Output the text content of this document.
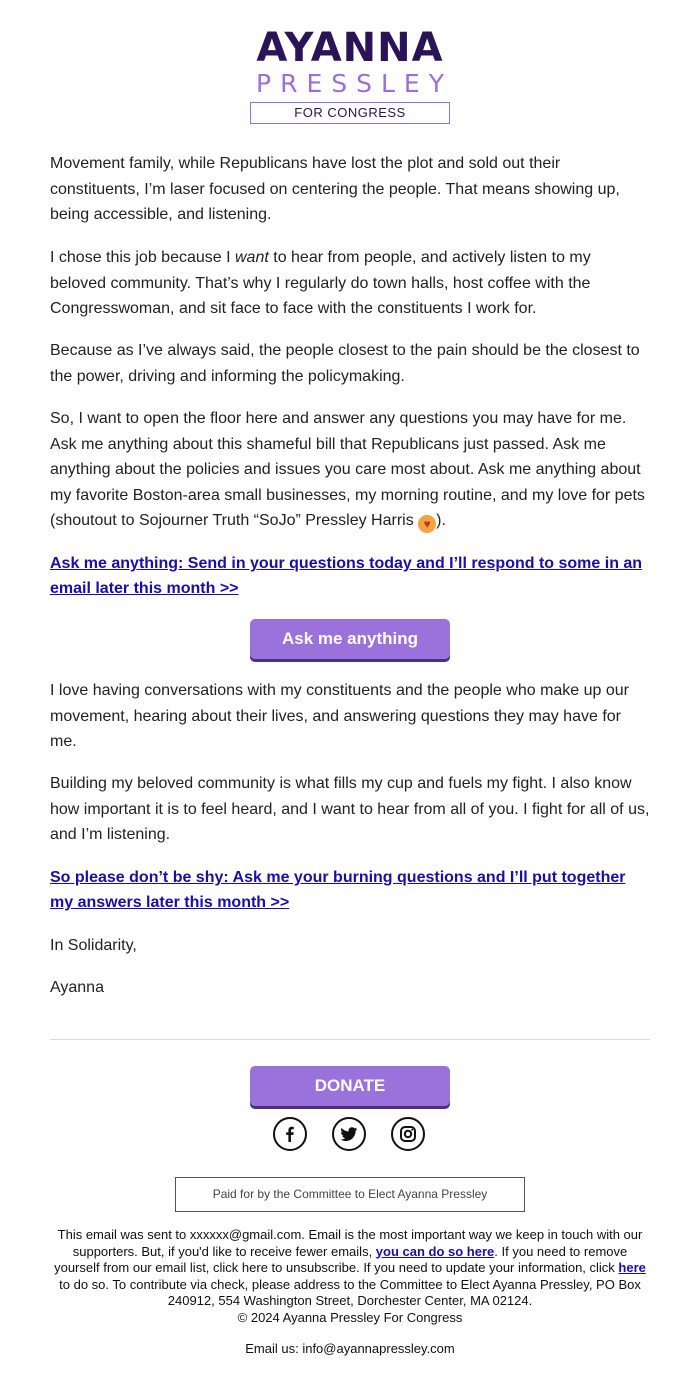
AYANNA
PRESSLEY
FOR CONGRESS

Movement family, while Republicans have lost the plot and sold out their constituents, I’m laser focused on centering the people. That means showing up, being accessible, and listening.

I chose this job because I want to hear from people, and actively listen to my beloved community. That’s why I regularly do town halls, host coffee with the Congresswoman, and sit face to face with the constituents I work for.

Because as I’ve always said, the people closest to the pain should be the closest to the power, driving and informing the policymaking.

So, I want to open the floor here and answer any questions you may have for me. Ask me anything about this shameful bill that Republicans just passed. Ask me anything about the policies and issues you care most about. Ask me anything about my favorite Boston-area small businesses, my morning routine, and my love for pets (shoutout to Sojourner Truth “SoJo” Pressley Harris ♥ ).

Ask me anything: Send in your questions today and I’ll respond to some in an email later this month >>
Ask me anything

I love having conversations with my constituents and the people who make up our movement, hearing about their lives, and answering questions they may have for me.

Building my beloved community is what fills my cup and fuels my fight. I also know how important it is to feel heard, and I want to hear from all of you. I fight for all of us, and I’m listening.

So please don’t be shy: Ask me your burning questions and I’ll put together my answers later this month >>

In Solidarity,

Ayanna

DONATE
Paid for by the Committee to Elect Ayanna Pressley

This email was sent to xxxxxx@gmail.com. Email is the most important way we keep in touch with our supporters. But, if you'd like to receive fewer emails, you can do so here. If you need to remove yourself from our email list, click here to unsubscribe. If you need to update your information, click here to do so. To contribute via check, please address to the Committee to Elect Ayanna Pressley, PO Box 240912, 554 Washington Street, Dorchester Center, MA 02124.
© 2024 Ayanna Pressley For Congress

Email us: info@ayannapressley.com
